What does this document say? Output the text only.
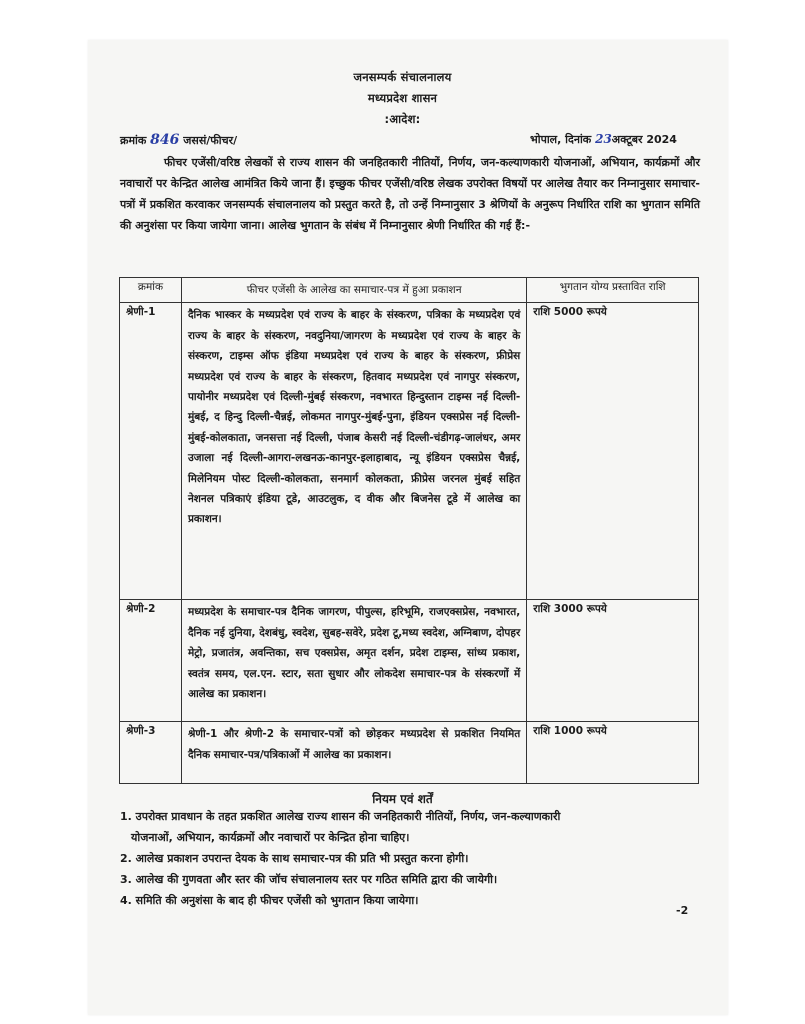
जनसम्पर्क संचालनालय
मध्यप्रदेश शासन
:आदेश:
क्रमांक 846 जससं/फीचर/	भोपाल, दिनांक 23अक्टूबर 2024
फीचर एजेंसी/वरिष्ठ लेखकों से राज्य शासन की जनहितकारी नीतियों, निर्णय, जन-कल्याणकारी योजनाओं, अभियान, कार्यक्रमों और नवाचारों पर केन्द्रित आलेख आमंत्रित किये जाना हैं। इच्छुक फीचर एजेंसी/वरिष्ठ लेखक उपरोक्त विषयों पर आलेख तैयार कर निम्नानुसार समाचार-पत्रों में प्रकशित करवाकर जनसम्पर्क संचालनालय को प्रस्तुत करते है, तो उन्हें निम्नानुसार 3 श्रेणियों के अनुरूप निर्धारित राशि का भुगतान समिति की अनुशंसा पर किया जायेगा जाना। आलेख भुगतान के संबंध में निम्नानुसार श्रेणी निर्धारित की गई हैं:-
क्रमांक	फीचर एजेंसी के आलेख का समाचार-पत्र में हुआ प्रकाशन	भुगतान योग्य प्रस्तावित राशि
श्रेणी-1	दैनिक भास्कर के मध्यप्रदेश एवं राज्य के बाहर के संस्करण, पत्रिका के मध्यप्रदेश एवं राज्य के बाहर के संस्करण, नवदुनिया/जागरण के मध्यप्रदेश एवं राज्य के बाहर के संस्करण, टाइम्स ऑफ इंडिया मध्यप्रदेश एवं राज्य के बाहर के संस्करण, फ्रीप्रेस मध्यप्रदेश एवं राज्य के बाहर के संस्करण, हितवाद मध्यप्रदेश एवं नागपुर संस्करण, पायोनीर मध्यप्रदेश एवं दिल्ली-मुंबई संस्करण, नवभारत हिन्दुस्तान टाइम्स नई दिल्ली-मुंबई, द हिन्दु दिल्ली-चैन्नई, लोकमत नागपुर-मुंबई-पुना, इंडियन एक्सप्रेस नई दिल्ली-मुंबई-कोलकाता, जनसत्ता नई दिल्ली, पंजाब केसरी नई दिल्ली-चंडीगढ़-जालंधर, अमर उजाला नई दिल्ली-आगरा-लखनऊ-कानपुर-इलाहाबाद, न्यू इंडियन एक्सप्रेस चैन्नई, मिलेनियम पोस्ट दिल्ली-कोलकता, सनमार्ग कोलकता, फ्रीप्रेस जरनल मुंबई सहित नेशनल पत्रिकाएं इंडिया टूडे, आउटलुक, द वीक और बिजनेस टूडे में आलेख का प्रकाशन।	राशि 5000 रूपये
श्रेणी-2	मध्यप्रदेश के समाचार-पत्र दैनिक जागरण, पीपुल्स, हरिभूमि, राजएक्सप्रेस, नवभारत, दैनिक नई दुनिया, देशबंधु, स्वदेश, सुबह-सवेरे, प्रदेश टू,मध्य स्वदेश, अग्निबाण, दोपहर मेट्रो, प्रजातंत्र, अवन्तिका, सच एक्सप्रेस, अमृत दर्शन, प्रदेश टाइम्स, सांध्य प्रकाश, स्वतंत्र समय, एल.एन. स्टार, सता सुधार और लोकदेश समाचार-पत्र के संस्करणों में आलेख का प्रकाशन।	राशि 3000 रूपये
श्रेणी-3	श्रेणी-1 और श्रेणी-2 के समाचार-पत्रों को छोड़कर मध्यप्रदेश से प्रकशित नियमित दैनिक समाचार-पत्र/पत्रिकाओं में आलेख का प्रकाशन।	राशि 1000 रूपये
नियम एवं शर्तें
1. उपरोक्त प्रावधान के तहत प्रकशित आलेख राज्य शासन की जनहितकारी नीतियों, निर्णय, जन-कल्याणकारी
योजनाओं, अभियान, कार्यक्रमों और नवाचारों पर केन्द्रित होना चाहिए।
2. आलेख प्रकाशन उपरान्त देयक के साथ समाचार-पत्र की प्रति भी प्रस्तुत करना होगी।
3. आलेख की गुणवता और स्तर की जॉच संचालनालय स्तर पर गठित समिति द्वारा की जायेगी।
4. समिति की अनुशंसा के बाद ही फीचर एजेंसी को भुगतान किया जायेगा।
-2
